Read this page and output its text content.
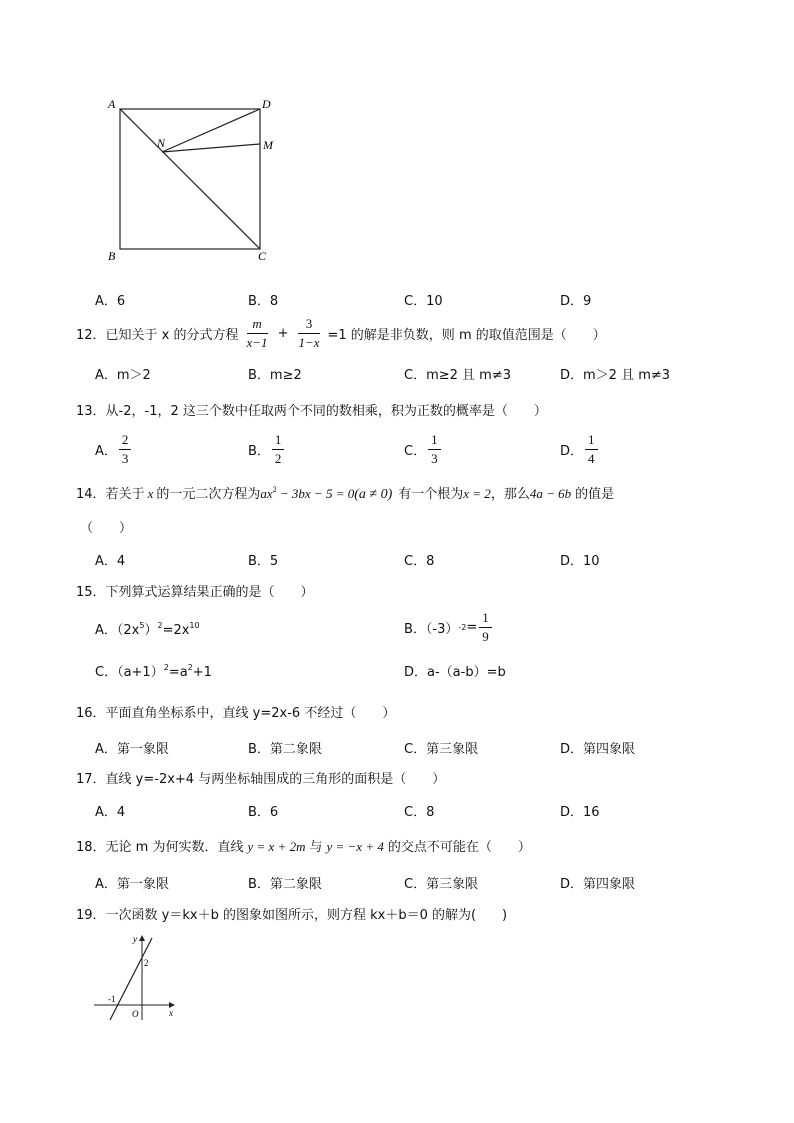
A	D
B	C
M
N
A．6	B．8	C．10	D．9
12． 已知关于 x 的分式方程 $\frac{m}{x-1} + \frac{3}{1-x} =1$ 的解是非负数，则 m 的取值范围是（　　）
A．m＞2	B．m≥2	C．m≥2 且 m≠3	D．m＞2 且 m≠3
13．从-2，-1，2 这三个数中任取两个不同的数相乘，积为正数的概率是（　　）
A． $\frac{2}{3}$	B． $\frac{1}{2}$	C． $\frac{1}{3}$	D． $\frac{1}{4}$
14．若关于 x 的一元二次方程为$ax^2 - 3bx - 5 = 0(a \ne 0)$ 有一个根为x = 2，那么4a − 6b 的值是
（　　）
A．4	B．5	C．8	D．10
15．下列算式运算结果正确的是（　　）
A．$(2x^5)^2=2x^{10}$	B．（-3） $-2 = \frac{1}{9}$
C．$(a+1)^2=a^2+1$	D．a-（a-b）=b
16．平面直角坐标系中，直线 y=2x-6 不经过（　　）
A．第一象限	B．第二象限	C．第三象限	D．第四象限
17．直线 y=-2x+4 与两坐标轴围成的三角形的面积是（　　）
A．4	B．6	C．8	D．16
18．无论 m 为何实数．直线 y = x + 2m 与 y = −x + 4 的交点不可能在（　　）
A．第一象限	B．第二象限	C．第三象限	D．第四象限
19．一次函数 y＝kx＋b 的图象如图所示，则方程 kx＋b＝0 的解为(　　)
y
x
O
2
-1
